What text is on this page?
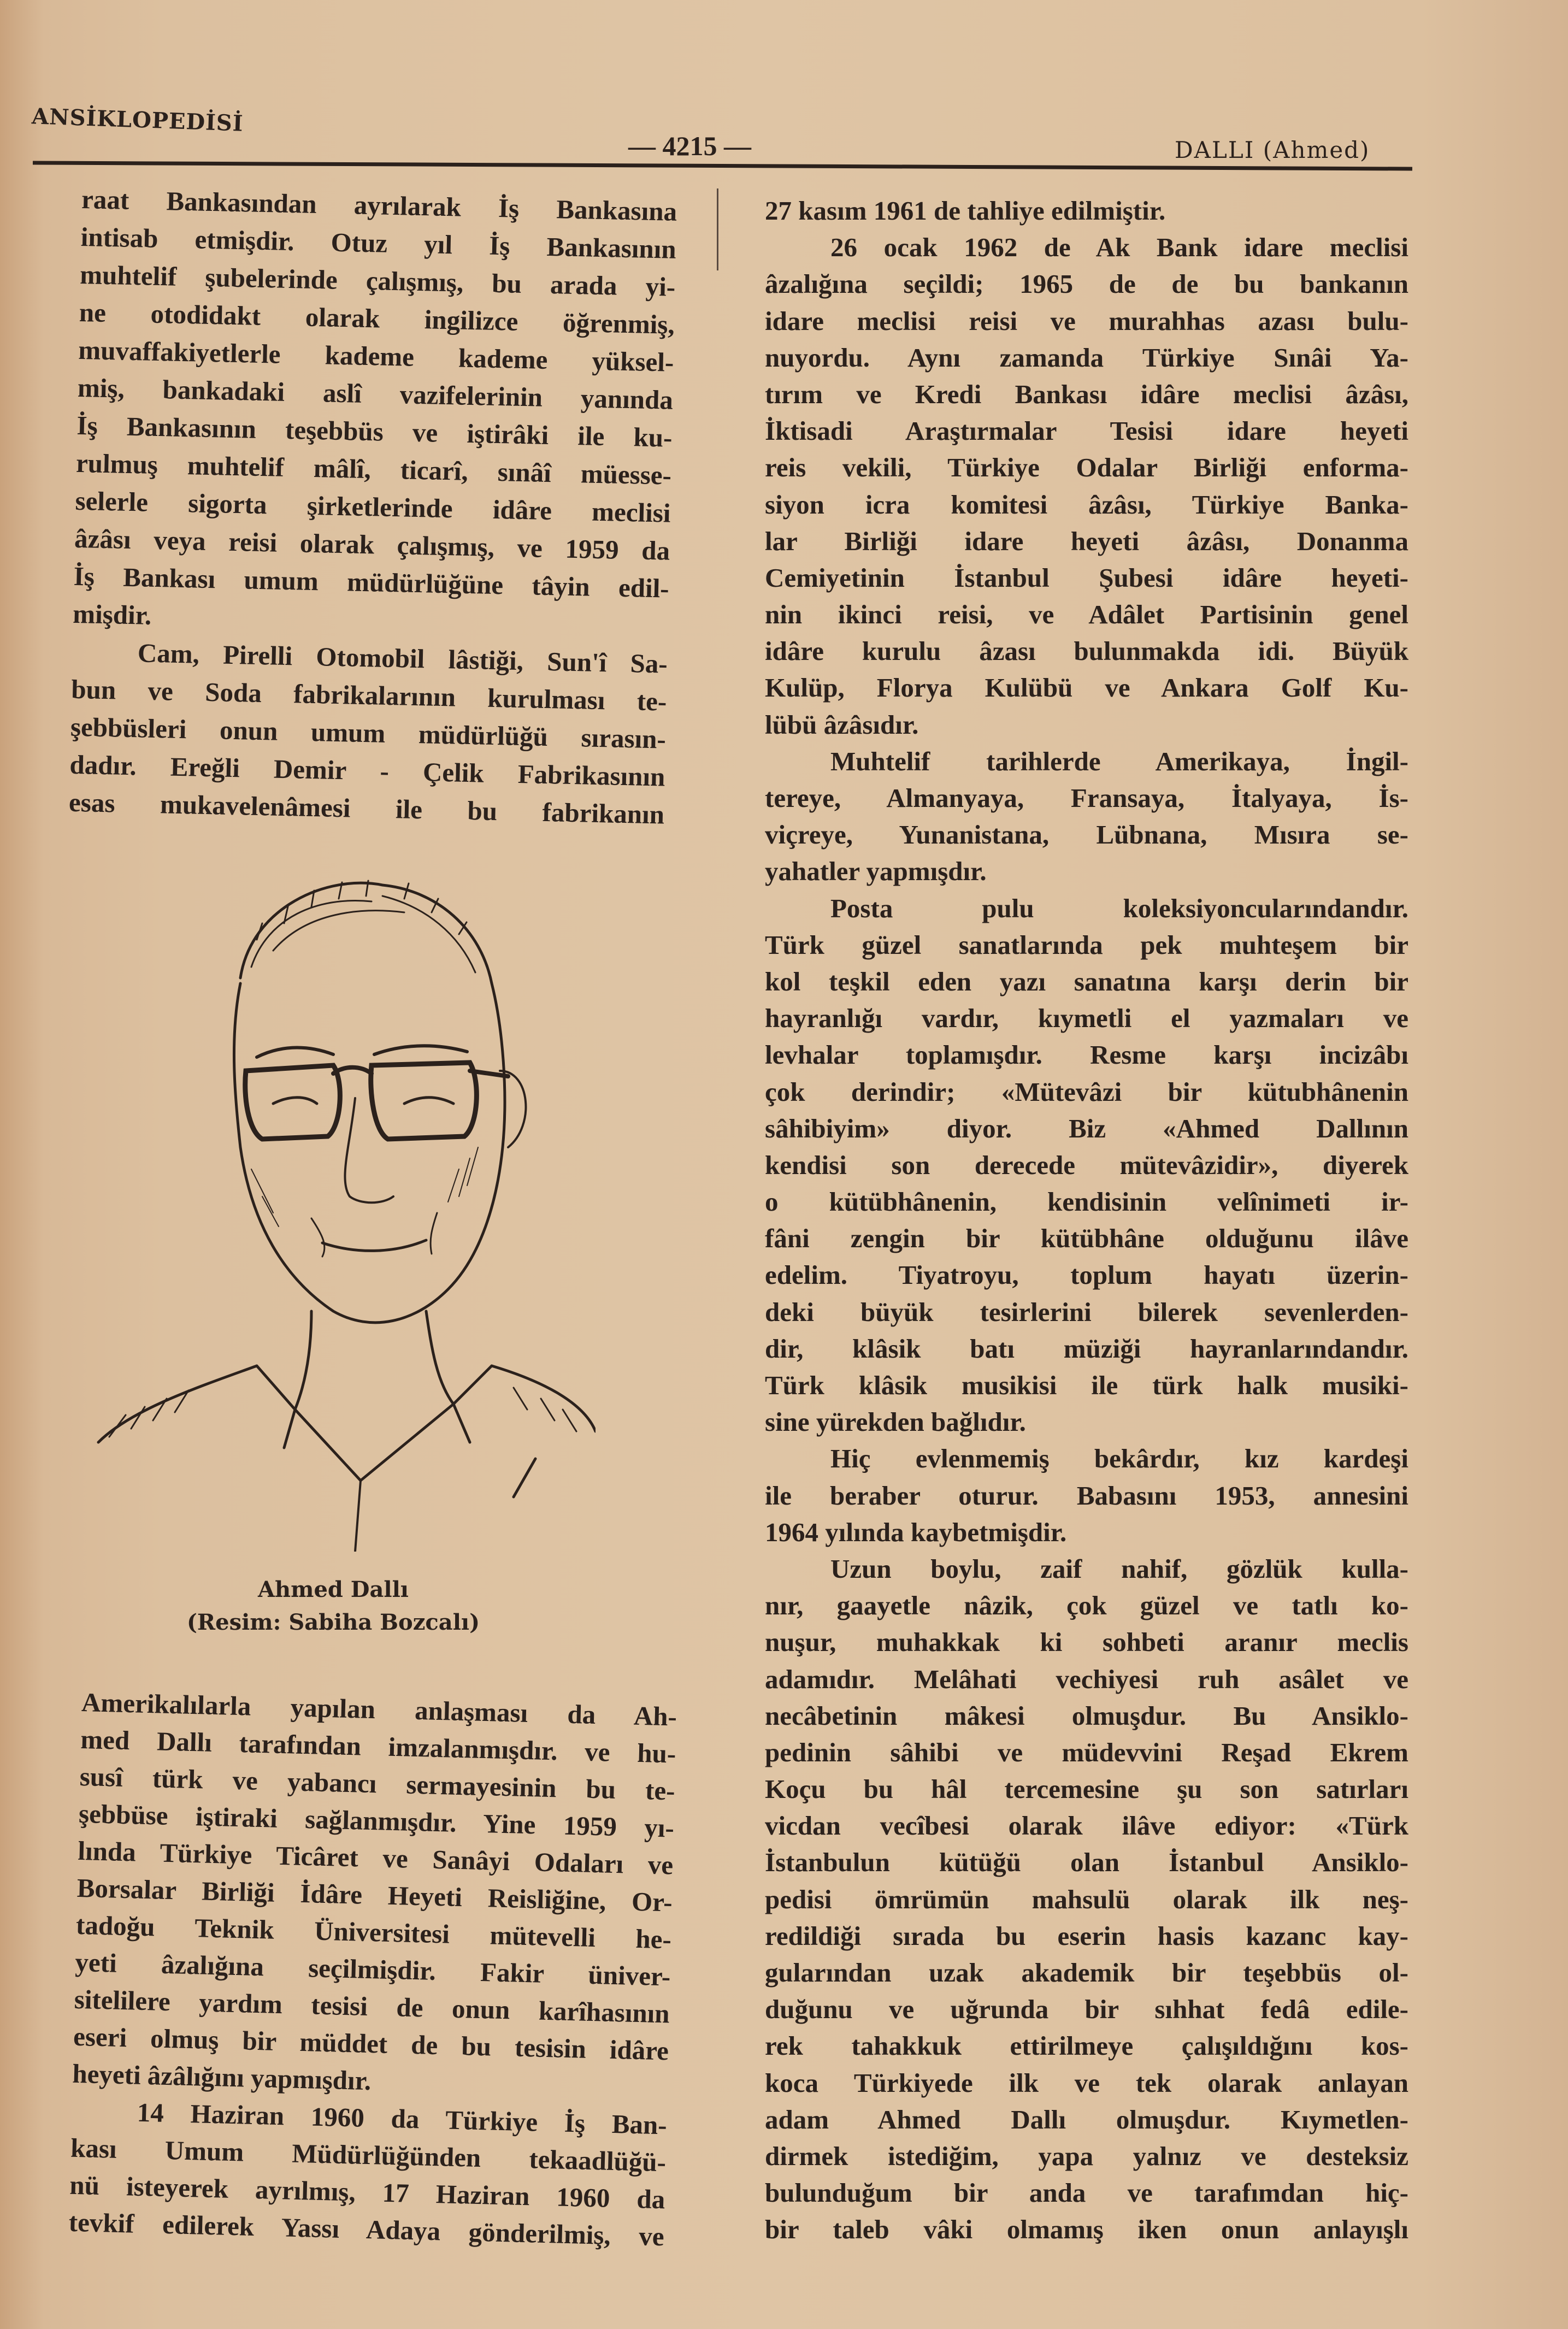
ANSİKLOPEDİSİ
— 4215 —	DALLI (Ahmed)
raat Bankasından ayrılarak İş Bankasına
intisab etmişdir. Otuz yıl İş Bankasının
muhtelif şubelerinde çalışmış, bu arada yi-
ne otodidakt olarak ingilizce öğrenmiş,
muvaffakiyetlerle kademe kademe yüksel-
miş, bankadaki aslî vazifelerinin yanında
İş Bankasının teşebbüs ve iştirâki ile ku-
rulmuş muhtelif mâlî, ticarî, sınâî müesse-
selerle sigorta şirketlerinde idâre meclisi
âzâsı veya reisi olarak çalışmış, ve 1959 da
İş Bankası umum müdürlüğüne tâyin edil-
mişdir.
Cam, Pirelli Otomobil lâstiği, Sun'î Sa-
bun ve Soda fabrikalarının kurulması te-
şebbüsleri onun umum müdürlüğü sırasın-
dadır. Ereğli Demir - Çelik Fabrikasının
esas mukavelenâmesi ile bu fabrikanın
Ahmed Dallı
(Resim: Sabiha Bozcalı)
Amerikalılarla yapılan anlaşması da Ah-
med Dallı tarafından imzalanmışdır. ve hu-
susî türk ve yabancı sermayesinin bu te-
şebbüse iştiraki sağlanmışdır. Yine 1959 yı-
lında Türkiye Ticâret ve Sanâyi Odaları ve
Borsalar Birliği İdâre Heyeti Reisliğine, Or-
tadoğu Teknik Üniversitesi mütevelli he-
yeti âzalığına seçilmişdir. Fakir üniver-
sitelilere yardım tesisi de onun karîhasının
eseri olmuş bir müddet de bu tesisin idâre
heyeti âzâlığını yapmışdır.
14 Haziran 1960 da Türkiye İş Ban-
kası Umum Müdürlüğünden tekaadlüğü-
nü isteyerek ayrılmış, 17 Haziran 1960 da
tevkif edilerek Yassı Adaya gönderilmiş, ve
27 kasım 1961 de tahliye edilmiştir.
26 ocak 1962 de Ak Bank idare meclisi
âzalığına seçildi; 1965 de de bu bankanın
idare meclisi reisi ve murahhas azası bulu-
nuyordu. Aynı zamanda Türkiye Sınâi Ya-
tırım ve Kredi Bankası idâre meclisi âzâsı,
İktisadi Araştırmalar Tesisi idare heyeti
reis vekili, Türkiye Odalar Birliği enforma-
siyon icra komitesi âzâsı, Türkiye Banka-
lar Birliği idare heyeti âzâsı, Donanma
Cemiyetinin İstanbul Şubesi idâre heyeti-
nin ikinci reisi, ve Adâlet Partisinin genel
idâre kurulu âzası bulunmakda idi. Büyük
Kulüp, Florya Kulübü ve Ankara Golf Ku-
lübü âzâsıdır.
Muhtelif tarihlerde Amerikaya, İngil-
tereye, Almanyaya, Fransaya, İtalyaya, İs-
viçreye, Yunanistana, Lübnana, Mısıra se-
yahatler yapmışdır.
Posta pulu koleksiyoncularındandır.
Türk güzel sanatlarında pek muhteşem bir
kol teşkil eden yazı sanatına karşı derin bir
hayranlığı vardır, kıymetli el yazmaları ve
levhalar toplamışdır. Resme karşı incizâbı
çok derindir; «Mütevâzi bir kütubhânenin
sâhibiyim» diyor. Biz «Ahmed Dallının
kendisi son derecede mütevâzidir», diyerek
o kütübhânenin, kendisinin velînimeti ir-
fâni zengin bir kütübhâne olduğunu ilâve
edelim. Tiyatroyu, toplum hayatı üzerin-
deki büyük tesirlerini bilerek sevenlerden-
dir, klâsik batı müziği hayranlarındandır.
Türk klâsik musikisi ile türk halk musiki-
sine yürekden bağlıdır.
Hiç evlenmemiş bekârdır, kız kardeşi
ile beraber oturur. Babasını 1953, annesini
1964 yılında kaybetmişdir.
Uzun boylu, zaif nahif, gözlük kulla-
nır, gaayetle nâzik, çok güzel ve tatlı ko-
nuşur, muhakkak ki sohbeti aranır meclis
adamıdır. Melâhati vechiyesi ruh asâlet ve
necâbetinin mâkesi olmuşdur. Bu Ansiklo-
pedinin sâhibi ve müdevvini Reşad Ekrem
Koçu bu hâl tercemesine şu son satırları
vicdan vecîbesi olarak ilâve ediyor: «Türk
İstanbulun kütüğü olan İstanbul Ansiklo-
pedisi ömrümün mahsulü olarak ilk neş-
redildiği sırada bu eserin hasis kazanc kay-
gularından uzak akademik bir teşebbüs ol-
duğunu ve uğrunda bir sıhhat fedâ edile-
rek tahakkuk ettirilmeye çalışıldığını kos-
koca Türkiyede ilk ve tek olarak anlayan
adam Ahmed Dallı olmuşdur. Kıymetlen-
dirmek istediğim, yapa yalnız ve desteksiz
bulunduğum bir anda ve tarafımdan hiç-
bir taleb vâki olmamış iken onun anlayışlı
